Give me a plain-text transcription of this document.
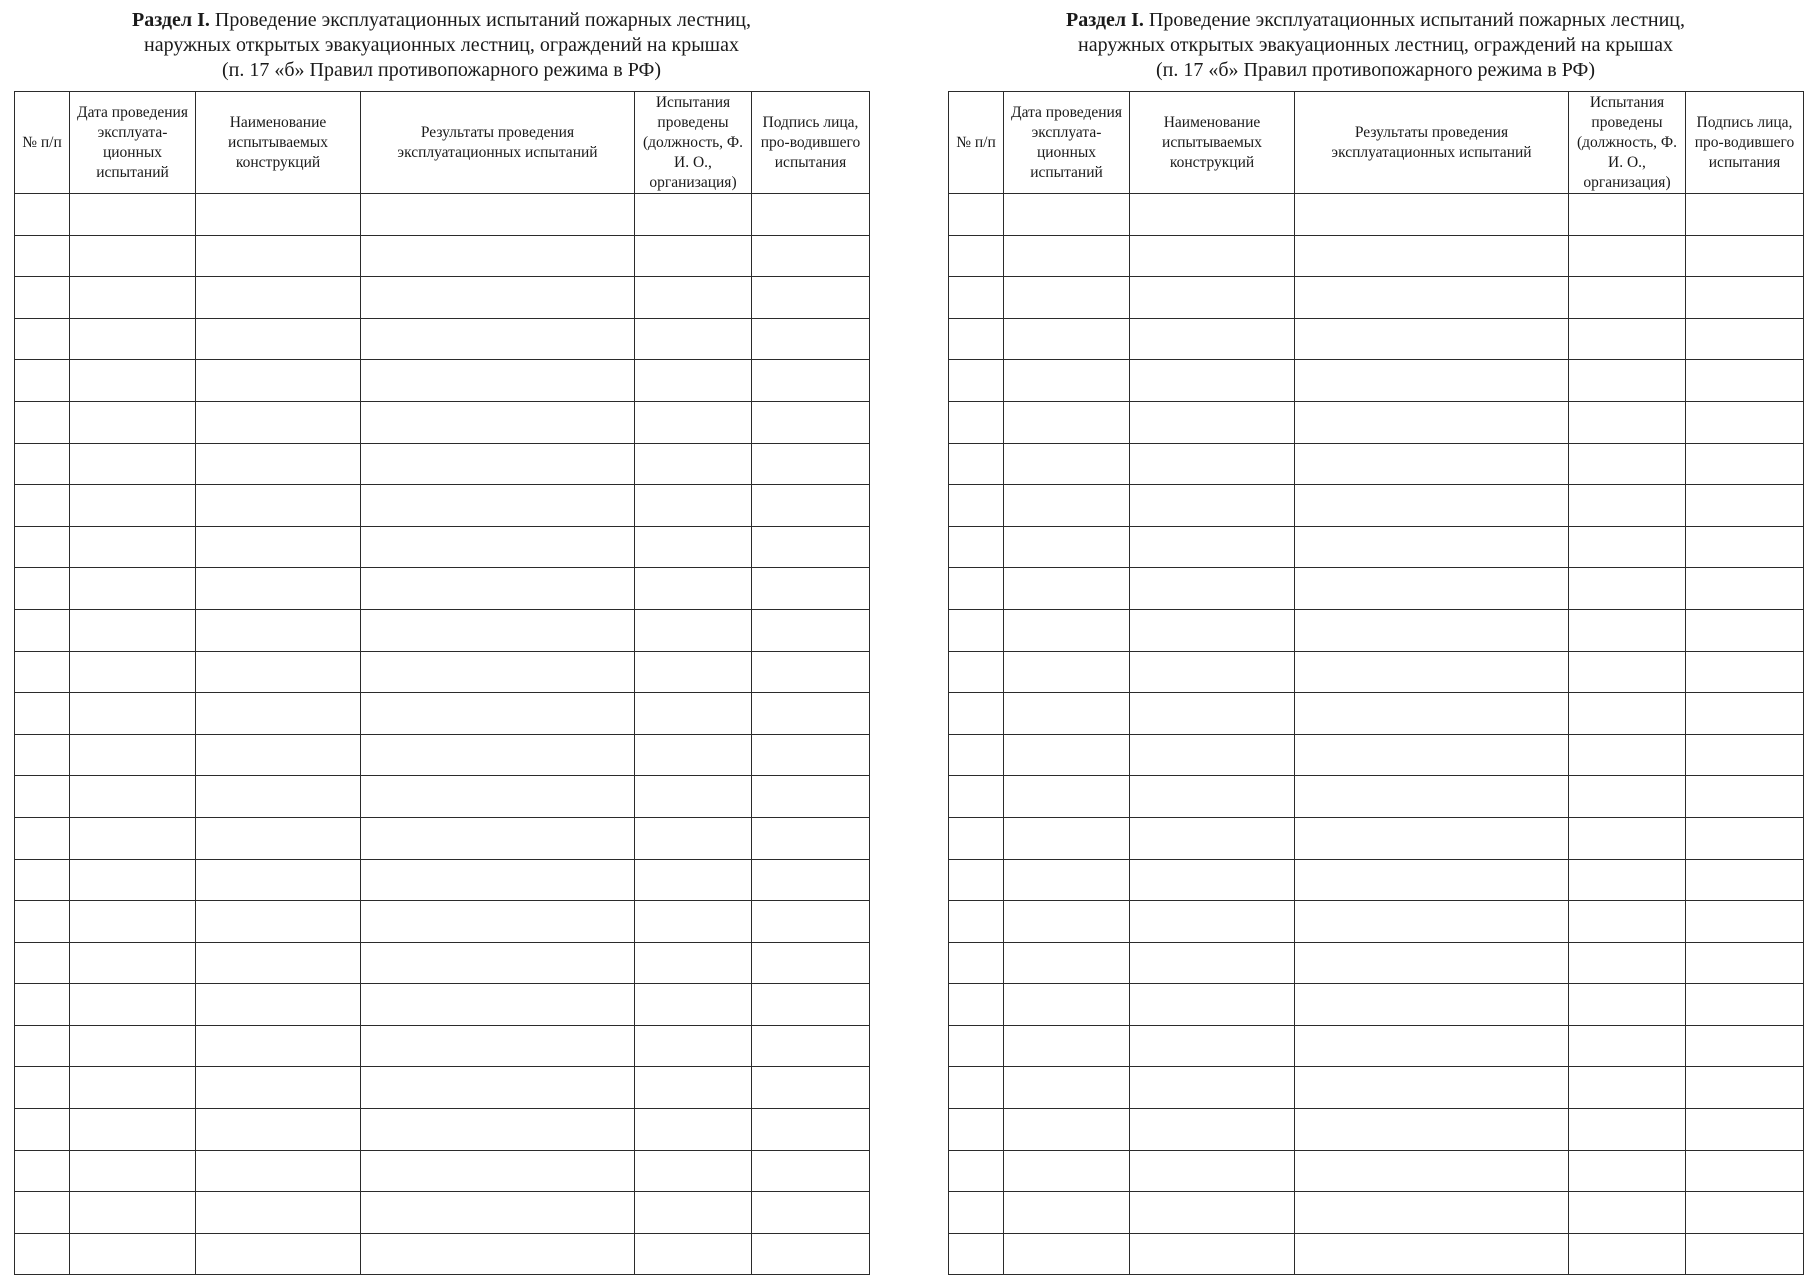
Раздел I. Проведение эксплуатационных испытаний пожарных лестниц,
наружных открытых эвакуационных лестниц, ограждений на крышах
(п. 17 «б» Правил противопожарного режима в РФ)
№ п/п	Дата проведения эксплуата-ционных испытаний	Наименование испытываемых конструкций	Результаты проведения эксплуатационных испытаний	Испытания проведены (должность, Ф. И. О., организация)	Подпись лица, про-водившего испытания

Раздел I. Проведение эксплуатационных испытаний пожарных лестниц,
наружных открытых эвакуационных лестниц, ограждений на крышах
(п. 17 «б» Правил противопожарного режима в РФ)
№ п/п	Дата проведения эксплуата-ционных испытаний	Наименование испытываемых конструкций	Результаты проведения эксплуатационных испытаний	Испытания проведены (должность, Ф. И. О., организация)	Подпись лица, про-водившего испытания
